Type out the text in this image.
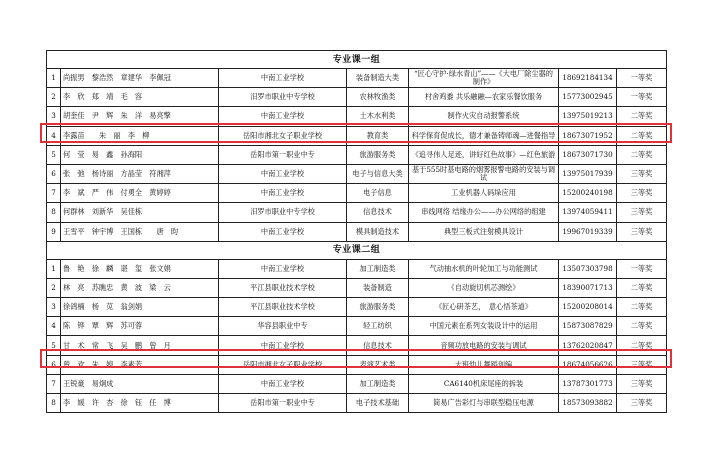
专业课一组						
1	尚振男　黎浩然　章建华　李佩冠	中南工业学校	装备制造大类	“匠心守护·绿水青山”——《大电厂除尘器的制作》	18692184134	一等奖
2	李　欣　郑　靖　毛　容	汨罗市职业中专学校	农林牧渔类	村舍鸡黍 共乐融融—农家乐餐饮服务	15773002945	一等奖
3	胡奎佳　尹　辉　朱　洋　易亮擎	中南工业学校	土木水利类	制作火灾自动报警系统	13975019213	二等奖
4	李露苗　　朱　丽　李　柳	岳阳市湘北女子职业学校	教育类	科学保育促成长，德才兼备铸师魂—进餐指导	18673071952	二等奖
5	何　莹　易　鑫　孙海阳	岳阳市第一职业中专	旅游服务类	《追寻伟人足迹，讲好红色故事》—红色旅游	18673071730	二等奖
6	张　弛　杨诗丽　方晶莹　符湘萍	中南工业学校	电子与信息大类	基于555时基电路的烟雾报警电路的安装与调试	13975017939	三等奖
7	李　斌　严　伟　付勇全　黄婷婷	中南工业学校	电子信息	工业机器人码垛应用	15200240198	三等奖
8	何群林　刘新华　吴佳栋	汨罗市职业中专学校	信息技术	串线网络 结缘办公——办公网络的组建	13974059411	三等奖
9	王雪平　钟宇博　王国栋　　唐　昀	中南工业学校	模具制造技术	典型三板式注射模具设计	19967019339	三等奖
专业课二组						
1	鲁　艳　徐　麟　谌　玺　张文娟	中南工业学校	加工制造类	气动抽水机的叶轮加工与功能测试	13507303798	一等奖
2	林　亮　苏瞧忠　黄　波　梁　云	平江县职业技术学校	装备制造	《自动旋切机芯测绘》	18390071713	二等奖
3	徐鸽楠　杨　苋　翁剑娟	平江县职业技术学校	旅游服务类	《匠心研茶艺，　意心悟茶道》	15200208014	二等奖
4	陈　铧　覃　辉　苏可蓉	华容县职业中专	轻工纺织	中国元素在系列女装设计中的运用	15873087829	二等奖
5	甘　术　常　飞　吴　鹏　曾　月	中南工业学校	信息技术	音频功放电路的安装与调试	13762020847	二等奖
6	曾　欢　朱　婷　李素芳	岳阳市湘北女子职业学校	表演艺术类	大班幼儿舞蹈创编	18674056626	三等奖
7	王锐豪　易炯成	中南工业学校	加工制造类	CA6140机床尾座的拆装	13787301773	三等奖
8	李　媛　许　杏　徐　钰　任　博	岳阳市第一职业中专	电子技术基础	简易广告彩灯与串联型稳压电源	18573093882	三等奖
